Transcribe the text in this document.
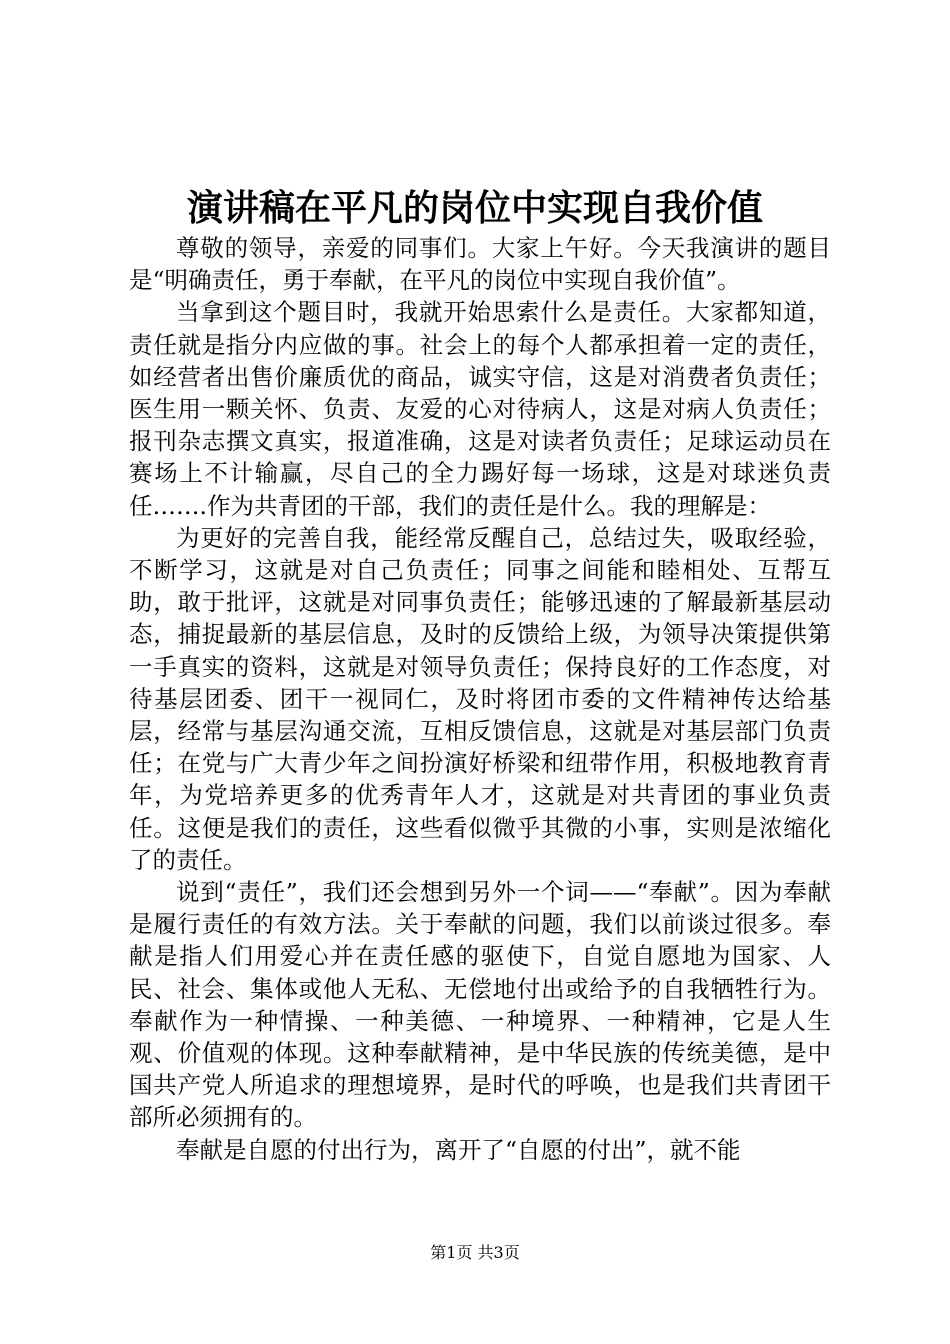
演讲稿在平凡的岗位中实现自我价值

尊敬的领导，亲爱的同事们。大家上午好。今天我演讲的题目是“明确责任，勇于奉献，在平凡的岗位中实现自我价值”。

当拿到这个题目时，我就开始思索什么是责任。大家都知道，责任就是指分内应做的事。社会上的每个人都承担着一定的责任，如经营者出售价廉质优的商品，诚实守信，这是对消费者负责任；医生用一颗关怀、负责、友爱的心对待病人，这是对病人负责任；报刊杂志撰文真实，报道准确，这是对读者负责任；足球运动员在赛场上不计输赢，尽自己的全力踢好每一场球，这是对球迷负责任…….作为共青团的干部，我们的责任是什么。我的理解是：

为更好的完善自我，能经常反醒自己，总结过失，吸取经验，不断学习，这就是对自己负责任；同事之间能和睦相处、互帮互助，敢于批评，这就是对同事负责任；能够迅速的了解最新基层动态，捕捉最新的基层信息，及时的反馈给上级，为领导决策提供第一手真实的资料，这就是对领导负责任；保持良好的工作态度，对待基层团委、团干一视同仁，及时将团市委的文件精神传达给基层，经常与基层沟通交流，互相反馈信息，这就是对基层部门负责任；在党与广大青少年之间扮演好桥梁和纽带作用，积极地教育青年，为党培养更多的优秀青年人才，这就是对共青团的事业负责任。这便是我们的责任，这些看似微乎其微的小事，实则是浓缩化了的责任。

说到“责任”，我们还会想到另外一个词——“奉献”。因为奉献是履行责任的有效方法。关于奉献的问题，我们以前谈过很多。奉献是指人们用爱心并在责任感的驱使下，自觉自愿地为国家、人民、社会、集体或他人无私、无偿地付出或给予的自我牺牲行为。奉献作为一种情操、一种美德、一种境界、一种精神，它是人生观、价值观的体现。这种奉献精神，是中华民族的传统美德，是中国共产党人所追求的理想境界，是时代的呼唤，也是我们共青团干部所必须拥有的。

奉献是自愿的付出行为，离开了“自愿的付出”，就不能

第1页 共3页
